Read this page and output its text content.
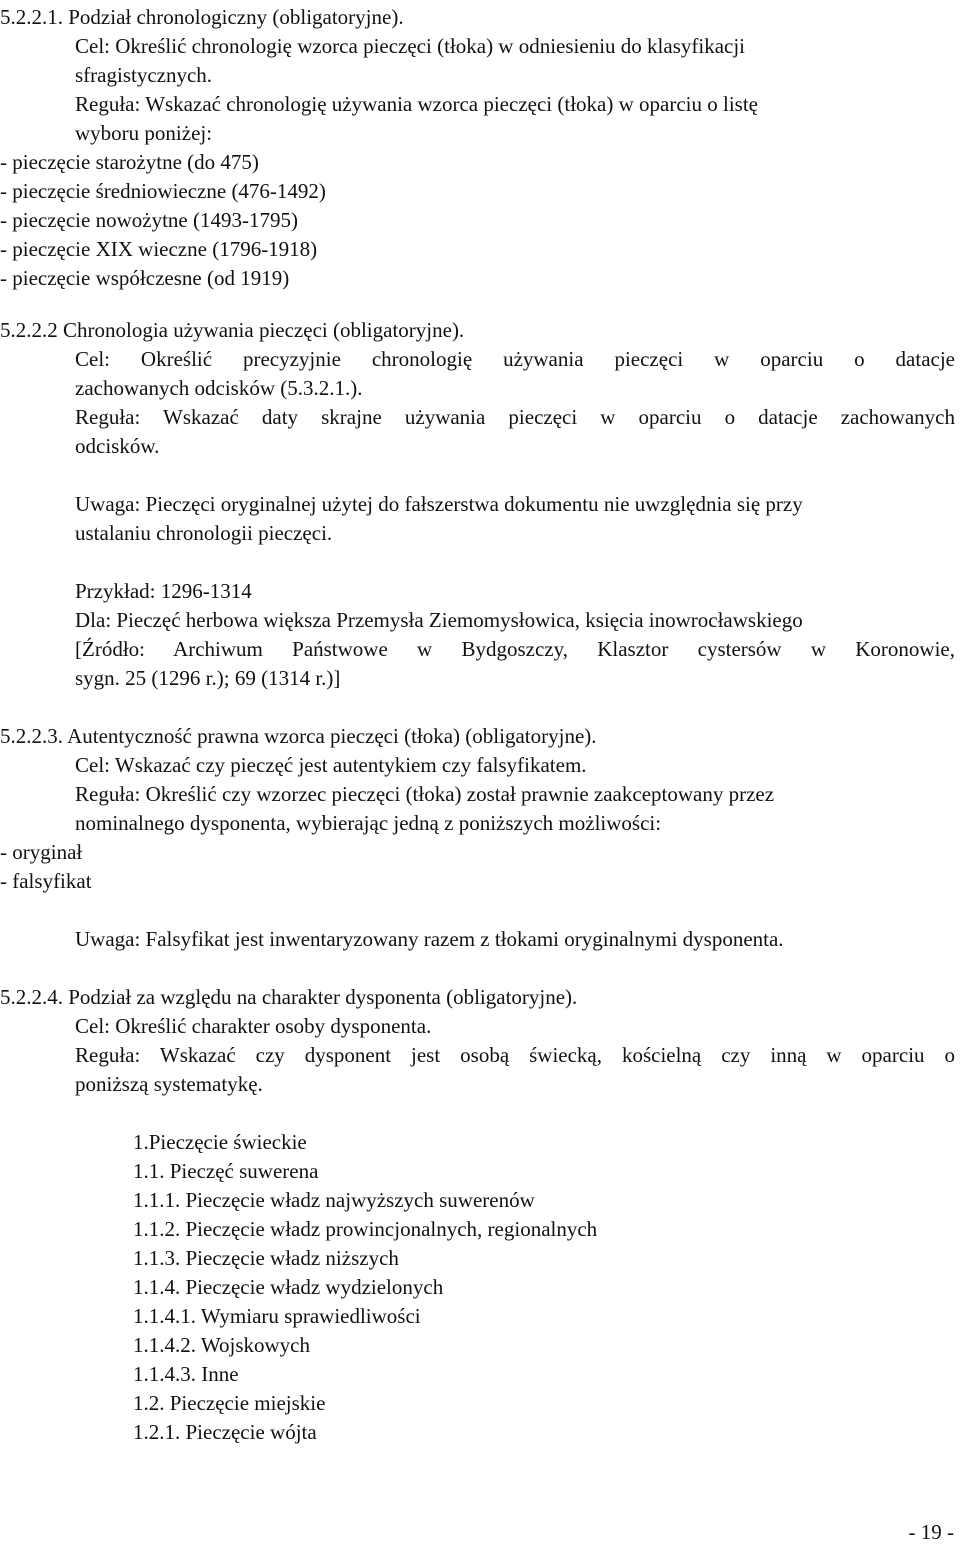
5.2.2.1. Podział chronologiczny (obligatoryjne).
Cel: Określić chronologię wzorca pieczęci (tłoka) w odniesieniu do klasyfikacji
sfragistycznych.
Reguła: Wskazać chronologię używania wzorca pieczęci (tłoka) w oparciu o listę
wyboru poniżej:
- pieczęcie starożytne (do 475)
- pieczęcie średniowieczne (476-1492)
- pieczęcie nowożytne (1493-1795)
- pieczęcie XIX wieczne (1796-1918)
- pieczęcie współczesne (od 1919)
5.2.2.2 Chronologia używania pieczęci (obligatoryjne).
Cel: Określić precyzyjnie chronologię używania pieczęci w oparciu o datacje
zachowanych odcisków (5.3.2.1.).
Reguła: Wskazać daty skrajne używania pieczęci w oparciu o datacje zachowanych
odcisków.
Uwaga: Pieczęci oryginalnej użytej do fałszerstwa dokumentu nie uwzględnia się przy
ustalaniu chronologii pieczęci.
Przykład: 1296-1314
Dla: Pieczęć herbowa większa Przemysła Ziemomysłowica, księcia inowrocławskiego
[Źródło: Archiwum Państwowe w Bydgoszczy, Klasztor cystersów w Koronowie,
sygn. 25 (1296 r.); 69 (1314 r.)]
5.2.2.3. Autentyczność prawna wzorca pieczęci (tłoka) (obligatoryjne).
Cel: Wskazać czy pieczęć jest autentykiem czy falsyfikatem.
Reguła: Określić czy wzorzec pieczęci (tłoka) został prawnie zaakceptowany przez
nominalnego dysponenta, wybierając jedną z poniższych możliwości:
- oryginał
- falsyfikat
Uwaga: Falsyfikat jest inwentaryzowany razem z tłokami oryginalnymi dysponenta.
5.2.2.4. Podział za względu na charakter dysponenta (obligatoryjne).
Cel: Określić charakter osoby dysponenta.
Reguła: Wskazać czy dysponent jest osobą świecką, kościelną czy inną w oparciu o
poniższą systematykę.
1.Pieczęcie świeckie
1.1. Pieczęć suwerena
1.1.1. Pieczęcie władz najwyższych suwerenów
1.1.2. Pieczęcie władz prowincjonalnych, regionalnych
1.1.3. Pieczęcie władz niższych
1.1.4. Pieczęcie władz wydzielonych
1.1.4.1. Wymiaru sprawiedliwości
1.1.4.2. Wojskowych
1.1.4.3. Inne
1.2. Pieczęcie miejskie
1.2.1. Pieczęcie wójta
- 19 -
